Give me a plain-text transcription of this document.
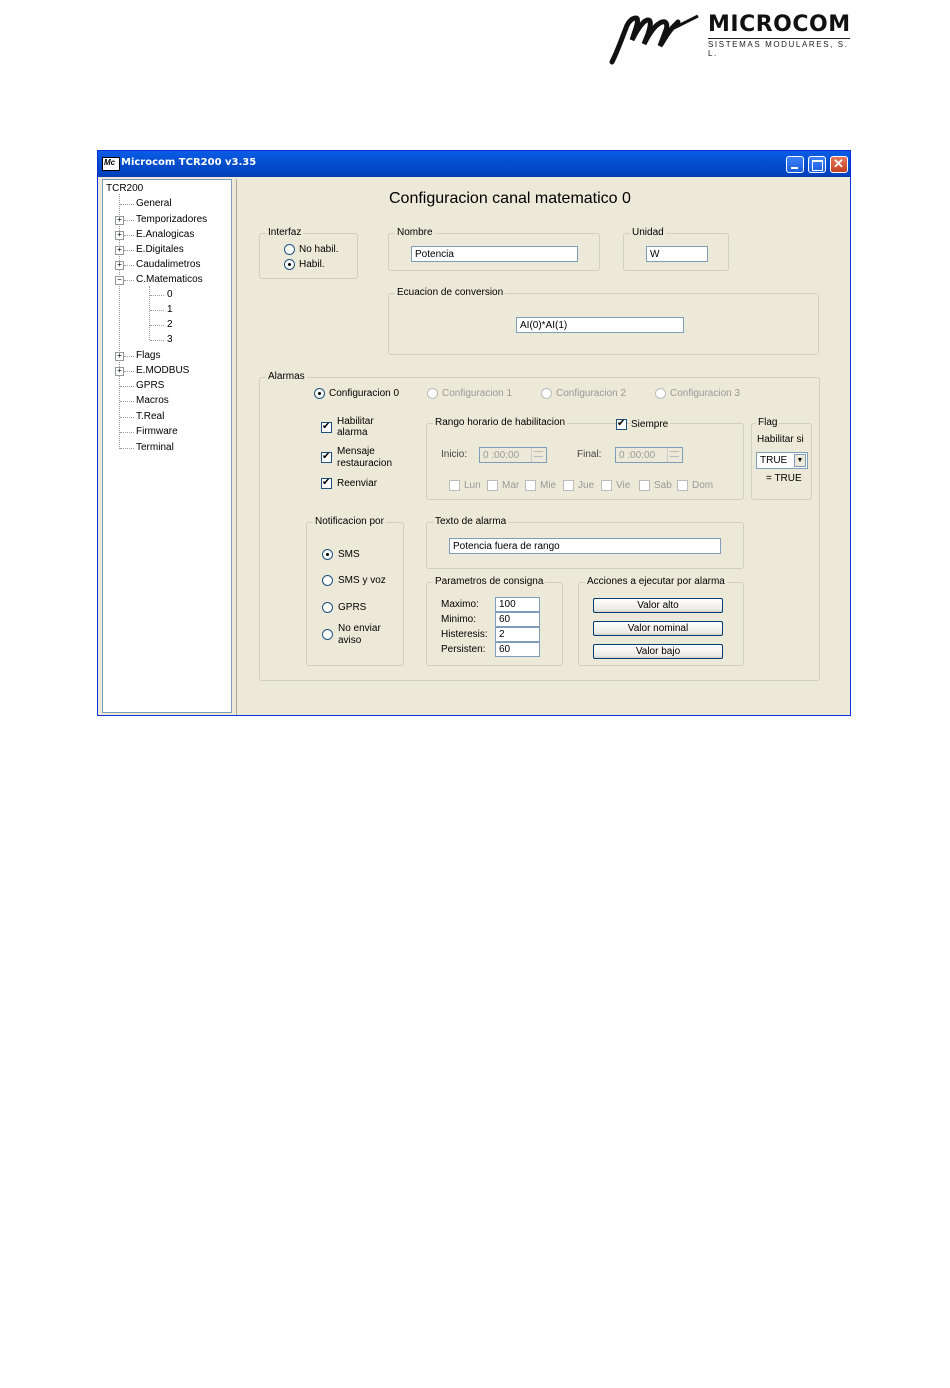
MICROCOM
SISTEMAS MODULARES, S. L.
Mc Microcom TCR200 v3.35	✕
TCR200
General
+ Temporizadores
+ E.Analogicas
+ E.Digitales
+ Caudalimetros
− C.Matematicos
0
1
2
3
+ Flags
+ E.MODBUS
GPRS
Macros
T.Real
Firmware
Terminal
Configuracion canal matematico 0
Interfaz
No habil.
Habil.
Nombre
Potencia
Unidad
W
Ecuacion de conversion
AI(0)*AI(1)
Alarmas
Configuracion 0	Configuracion 1	Configuracion 2	Configuracion 3
✔
Habilitar alarma
✔
Mensaje restauracion
✔
Reenviar
Rango horario de habilitacion ✔	Siempre
Inicio:	0 :00:00	Final:	0 :00:00
Lun Mar Mie Jue Vie Sab Dom
Flag
Habilitar si
TRUE	▼
= TRUE
Notificacion por
SMS
SMS y voz
GPRS
No enviar aviso
Texto de alarma
Potencia fuera de rango
Parametros de consigna
Maximo:	100
Minimo:	60
Histeresis:	2
Persisten:	60
Acciones a ejecutar por alarma
Valor alto
Valor nominal
Valor bajo
